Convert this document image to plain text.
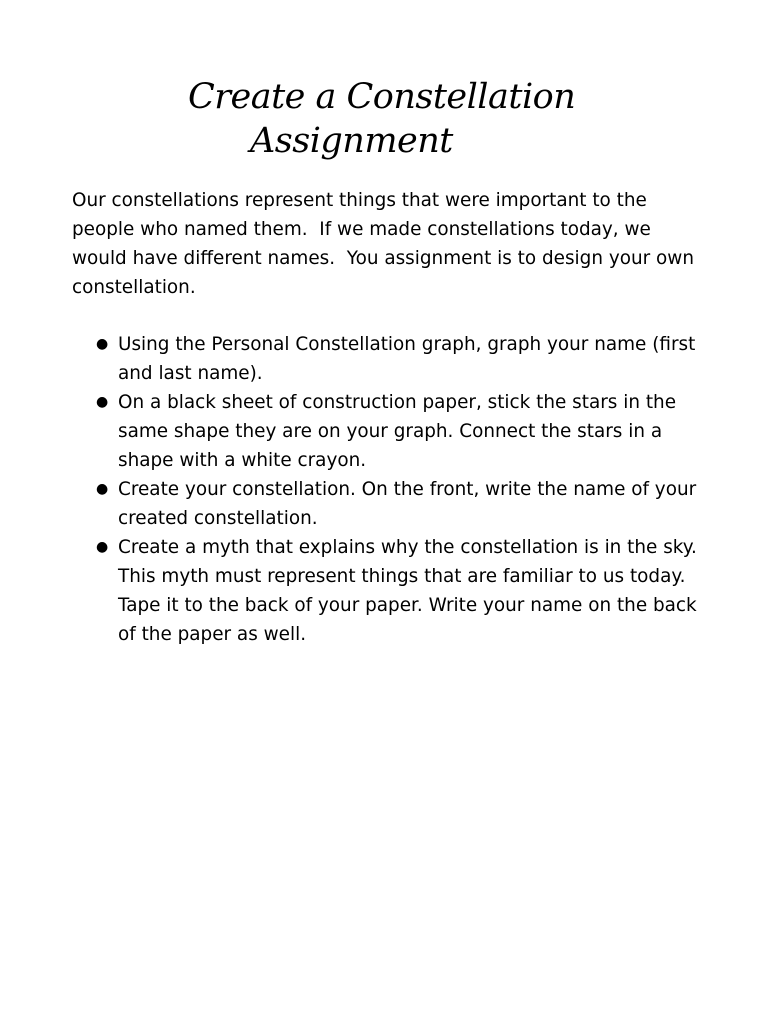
Create a Constellation
Assignment

Our constellations represent things that were important to the people who named them.  If we made constellations today, we would have different names.  You assignment is to design your own constellation.

● Using the Personal Constellation graph, graph your name (first and last name).
● On a black sheet of construction paper, stick the stars in the same shape they are on your graph. Connect the stars in a shape with a white crayon.
● Create your constellation. On the front, write the name of your created constellation.
● Create a myth that explains why the constellation is in the sky. This myth must represent things that are familiar to us today. Tape it to the back of your paper. Write your name on the back of the paper as well.
